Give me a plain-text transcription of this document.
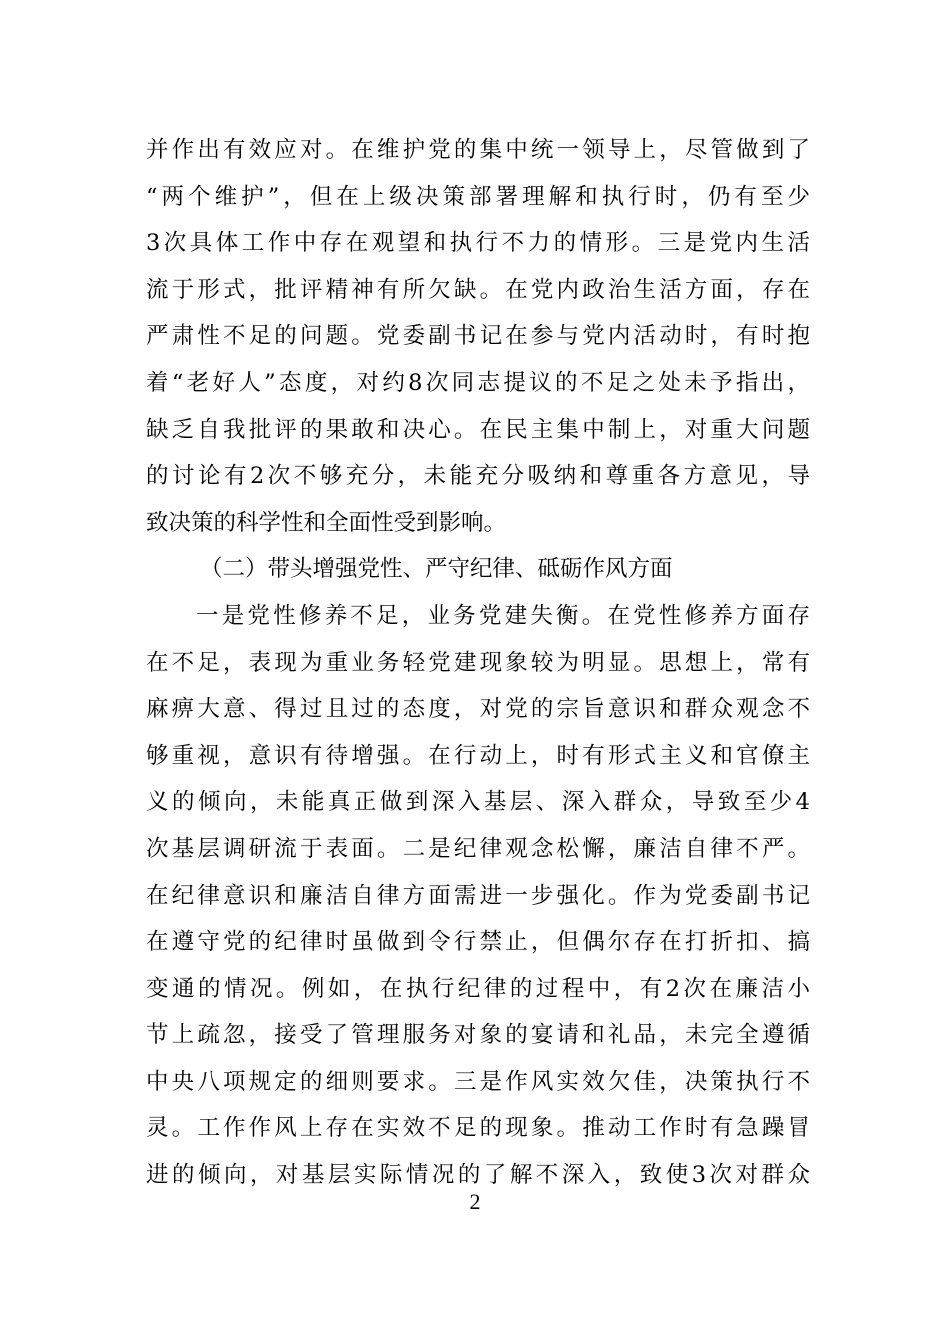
并作出有效应对。在维护党的集中统一领导上，尽管做到了
“两个维护”，但在上级决策部署理解和执行时，仍有至少
3次具体工作中存在观望和执行不力的情形。三是党内生活
流于形式，批评精神有所欠缺。在党内政治生活方面，存在
严肃性不足的问题。党委副书记在参与党内活动时，有时抱
着“老好人”态度，对约8次同志提议的不足之处未予指出，
缺乏自我批评的果敢和决心。在民主集中制上，对重大问题
的讨论有2次不够充分，未能充分吸纳和尊重各方意见，导
致决策的科学性和全面性受到影响。
（二）带头增强党性、严守纪律、砥砺作风方面
一是党性修养不足，业务党建失衡。在党性修养方面存
在不足，表现为重业务轻党建现象较为明显。思想上，常有
麻痹大意、得过且过的态度，对党的宗旨意识和群众观念不
够重视，意识有待增强。在行动上，时有形式主义和官僚主
义的倾向，未能真正做到深入基层、深入群众，导致至少4
次基层调研流于表面。二是纪律观念松懈，廉洁自律不严。
在纪律意识和廉洁自律方面需进一步强化。作为党委副书记
在遵守党的纪律时虽做到令行禁止，但偶尔存在打折扣、搞
变通的情况。例如，在执行纪律的过程中，有2次在廉洁小
节上疏忽，接受了管理服务对象的宴请和礼品，未完全遵循
中央八项规定的细则要求。三是作风实效欠佳，决策执行不
灵。工作作风上存在实效不足的现象。推动工作时有急躁冒
进的倾向，对基层实际情况的了解不深入，致使3次对群众
2
